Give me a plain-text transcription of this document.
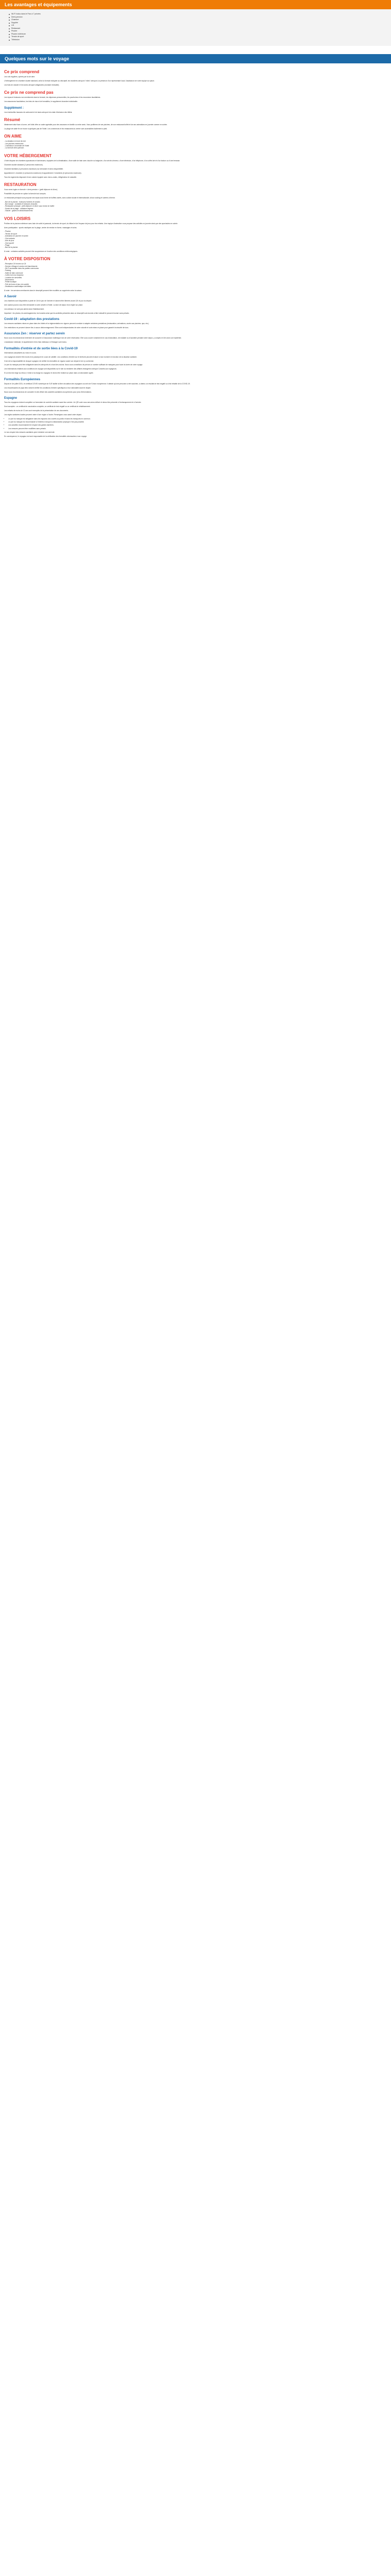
Les avantages et équipements
Wi-Fi inclus dans le Parc à 7 privées
Demi-pension
Chambre
Supplée
Lift
Restaurant
Piscine
Piscine extérieure
Terrain de sport
Télévision
Quelques mots sur le voyage
Ce prix comprend

Les vols réguliers, opérés par la cie aéro

L'hébergement en chambre double standard, selon la formule indiquée au descriptif, les transferts aéroport / hôtel / aéroport, la présence d'un représentant local, l'assistance de notre équipe sur place.

Les frais de dossier et les taxes aéroport obligatoires (montant révisable).

Ce prix ne comprend pas

Les repas et boissons non mentionnés dans la formule, les dépenses personnelles, les pourboires et les excursions facultatives.

Les assurances facultatives, les frais de visa et de formalités, le supplément chambre individuelle.

Supplément :

Les éventuelles hausses de carburant et de taxes aéroport à la date d'émission des billets.

Résumé

Idéalement situé face à la mer, cet hôtel offre un cadre agréable pour des vacances en famille ou entre amis. Vous profiterez de ses piscines, de son restaurant buffet et de ses animations en journée comme en soirée.

La plage de sable fin se trouve à quelques pas de l'hôtel. Les commerces et les restaurants du centre sont accessibles facilement à pied.

ON AIME
- La situation en bord de mer
- Les piscines extérieures
- L'ambiance conviviale de l'hôtel
- La formule demi-pension
VOTRE HÉBERGEMENT

L'hôtel dispose de chambres spacieuses et lumineuses, équipées de la climatisation, d'une salle de bain avec douche ou baignoire, d'un sèche-cheveux, d'une télévision, d'un téléphone, d'un coffre-fort et d'un balcon ou d'une terrasse.

Chambre double standard (2 personnes maximum).

Chambre familiale (4 personnes maximum) sur demande et selon disponibilité.

Appartement 1 chambre (4 personnes maximum) et appartement 2 chambres (6 personnes maximum).

Tous les logements disposent d'une cuisine équipée avec micro-ondes, réfrigérateur et vaisselle.

RESTAURATION

Vous serez logés en formule « demi-pension » (petit déjeuner et dîner).

Possibilité de prendre en option la formule tout compris.

Le restaurant principal vous propose ses repas sous forme de buffets variés, avec cuisine locale et internationale, show cooking et soirées à thème.

- Bar de la piscine : boissons fraîches et snacks
- Bar lounge : cocktails et boissons chaudes
- Restaurant principal : petit déjeuner et dîner sous forme de buffet
- Snack de la plage : collations légères
- Glacier : glaces et rafraîchissements
VOS LOISIRS

Profitez de la piscine extérieure avec bain de soleil et parasols, du terrain de sport, du billard et de l'espace de jeux pour les enfants. Une équipe d'animation vous propose des activités en journée ainsi que des spectacles en soirée.

Avec participation : sports nautiques sur la plage, centre de remise en forme, massages et soins.

- Piscine
- Terrain de sport
- Animation en journée et soirée
- Club enfants
- Aire de jeux
- Club sportif
- Plage
- Bar de la piscine

À noter : certaines activités peuvent être suspendues en fonction des conditions météorologiques.

À VOTRE DISPOSITION
- Réception 24 heures sur 24
- Service d'étage et service de blanchisserie
- Wi-Fi accessible dans les parties communes
- Parking
- Salle de bain commune
- Coffre-fort à la réception
- Location de serviettes
- Ascenseurs
- Petite boutique
- Prêt de livres et jeux de société
- Distributeur automatique de billets

À noter : les services mentionnés dans le descriptif peuvent être modifiés ou supprimés selon la saison.

A Savoir

Les chambres sont disponibles à partir de 14h le jour de l'arrivée et doivent être libérées avant 12h le jour du départ.

Une caution pourra vous être demandée à votre arrivée à l'hôtel. La taxe de séjour est à régler sur place.

Les animaux ne sont pas admis dans l'établissement.

Important : les photos, les aménagements, les horaires ainsi que les activités présentés dans ce descriptif sont donnés à titre indicatif et peuvent évoluer sans préavis.

Covid-19 : adaptation des prestations

Les mesures sanitaires mises en place dans les hôtels et la réglementation en vigueur peuvent conduire à adapter certaines prestations (restauration, animations, accès aux piscines, spa, etc.).

Ces restrictions ne peuvent donner lieu à aucun dédommagement. Elles sont indépendantes de notre volonté et sont mises en place pour garantir la sécurité de tous.

Assurance Zen : réserver et partez serein

Nous vous recommandons fortement de souscrire à l'assurance multirisque lors de votre réservation. Elle vous couvre notamment en cas d'annulation, de maladie ou d'accident pendant votre séjour, y compris en lien avec une épidémie.

L'assistance médicale, le rapatriement et les frais médicaux à l'étranger sont inclus.

Formalités d'entrée et de sortie liées à la Covid-19

Informations actualisées au mois en cours.

Les voyageurs doivent être munis d'un passeport en cours de validité. Les conditions d'entrée sur le territoire peuvent évoluer à tout moment en fonction de la situation sanitaire.

Il est de la responsabilité de chaque voyageur de vérifier les formalités en vigueur avant son départ et de s'y conformer.

Le port du masque peut être obligatoire dans les aéroports et à bord des avions. Nous vous conseillons de prévoir un nombre suffisant de masques pour toute la durée de votre voyage.

Les informations relatives aux conditions de voyage sont disponibles sur le site du ministère des affaires étrangères rubrique Conseils aux voyageurs.

Si un test est exigé au retour, il reste à la charge du voyageur et devra être réalisé sur place dans un laboratoire agréé.

Formalités Européennes

Depuis le 1er juillet 2021, le certificat COVID numérique de l'UE facilite la libre circulation des voyageurs au sein de l'Union européenne. Il atteste qu'une personne a été vaccinée, a obtenu un résultat de test négatif ou s'est rétablie de la COVID-19.

Les ressortissants de pays tiers doivent vérifier les conditions d'entrée spécifiques à leur nationalité avant le départ.

Nous vous recommandons de consulter le site officiel des autorités sanitaires européennes pour plus d'informations.

Espagne

Tous les voyageurs doivent compléter un formulaire de contrôle sanitaire avant leur arrivée. Un QR code vous sera alors délivré et devra être présenté à l'embarquement et à l'arrivée.

Sont acceptés : un certificat de vaccination complète, un certificat de test négatif ou un certificat de rétablissement.

Les enfants de moins de 12 ans sont exemptés de la présentation de ces documents.

Les règles sanitaires locales peuvent varier d'une région à l'autre. Renseignez-vous avant votre départ.

• Le port du masque est obligatoire dans les espaces clos ouverts au public et dans les transports en commun.
• Le port du masque est recommandé à l'extérieur lorsque la distanciation physique n'est pas possible.
• Les autorités recommandent le respect des gestes barrières.
• Les mesures peuvent être modifiées sans préavis.

Le non-respect des mesures sanitaires peut entraîner une amende.

En conséquence, le voyageur est seul responsable de la vérification des formalités nécessaires à son voyage.
